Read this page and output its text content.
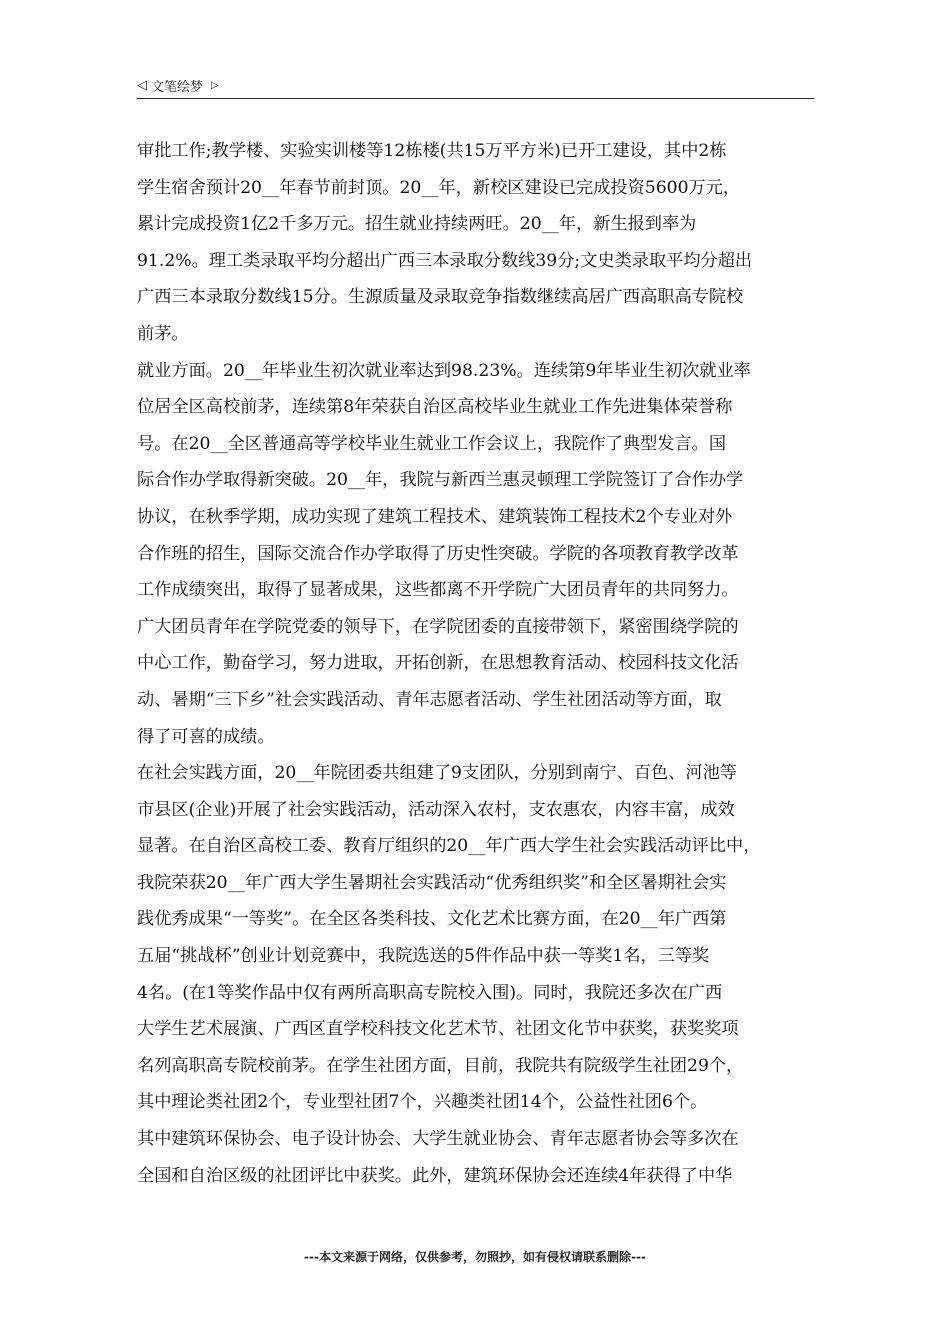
◁ 文笔绘梦 ▷
审批工作;教学楼、实验实训楼等12栋楼(共15万平方米)已开工建设，其中2栋
学生宿舍预计20__年春节前封顶。20__年，新校区建设已完成投资5600万元，
累计完成投资1亿2千多万元。招生就业持续两旺。20__年，新生报到率为
91.2%。理工类录取平均分超出广西三本录取分数线39分;文史类录取平均分超出
广西三本录取分数线15分。生源质量及录取竞争指数继续高居广西高职高专院校
前茅。
就业方面。20__年毕业生初次就业率达到98.23%。连续第9年毕业生初次就业率
位居全区高校前茅，连续第8年荣获自治区高校毕业生就业工作先进集体荣誉称
号。在20__全区普通高等学校毕业生就业工作会议上，我院作了典型发言。国
际合作办学取得新突破。20__年，我院与新西兰惠灵顿理工学院签订了合作办学
协议，在秋季学期，成功实现了建筑工程技术、建筑装饰工程技术2个专业对外
合作班的招生，国际交流合作办学取得了历史性突破。学院的各项教育教学改革
工作成绩突出，取得了显著成果，这些都离不开学院广大团员青年的共同努力。
广大团员青年在学院党委的领导下，在学院团委的直接带领下，紧密围绕学院的
中心工作，勤奋学习，努力进取，开拓创新，在思想教育活动、校园科技文化活
动、暑期“三下乡”社会实践活动、青年志愿者活动、学生社团活动等方面，取
得了可喜的成绩。
在社会实践方面，20__年院团委共组建了9支团队，分别到南宁、百色、河池等
市县区(企业)开展了社会实践活动，活动深入农村，支农惠农，内容丰富，成效
显著。在自治区高校工委、教育厅组织的20__年广西大学生社会实践活动评比中，
我院荣获20__年广西大学生暑期社会实践活动“优秀组织奖”和全区暑期社会实
践优秀成果“一等奖”。在全区各类科技、文化艺术比赛方面，在20__年广西第
五届“挑战杯”创业计划竞赛中，我院选送的5件作品中获一等奖1名，三等奖
4名。(在1等奖作品中仅有两所高职高专院校入围)。同时，我院还多次在广西
大学生艺术展演、广西区直学校科技文化艺术节、社团文化节中获奖，获奖奖项
名列高职高专院校前茅。在学生社团方面，目前，我院共有院级学生社团29个，
其中理论类社团2个，专业型社团7个，兴趣类社团14个，公益性社团6个。
其中建筑环保协会、电子设计协会、大学生就业协会、青年志愿者协会等多次在
全国和自治区级的社团评比中获奖。此外，建筑环保协会还连续4年获得了中华
---本文来源于网络，仅供参考，勿照抄，如有侵权请联系删除---
